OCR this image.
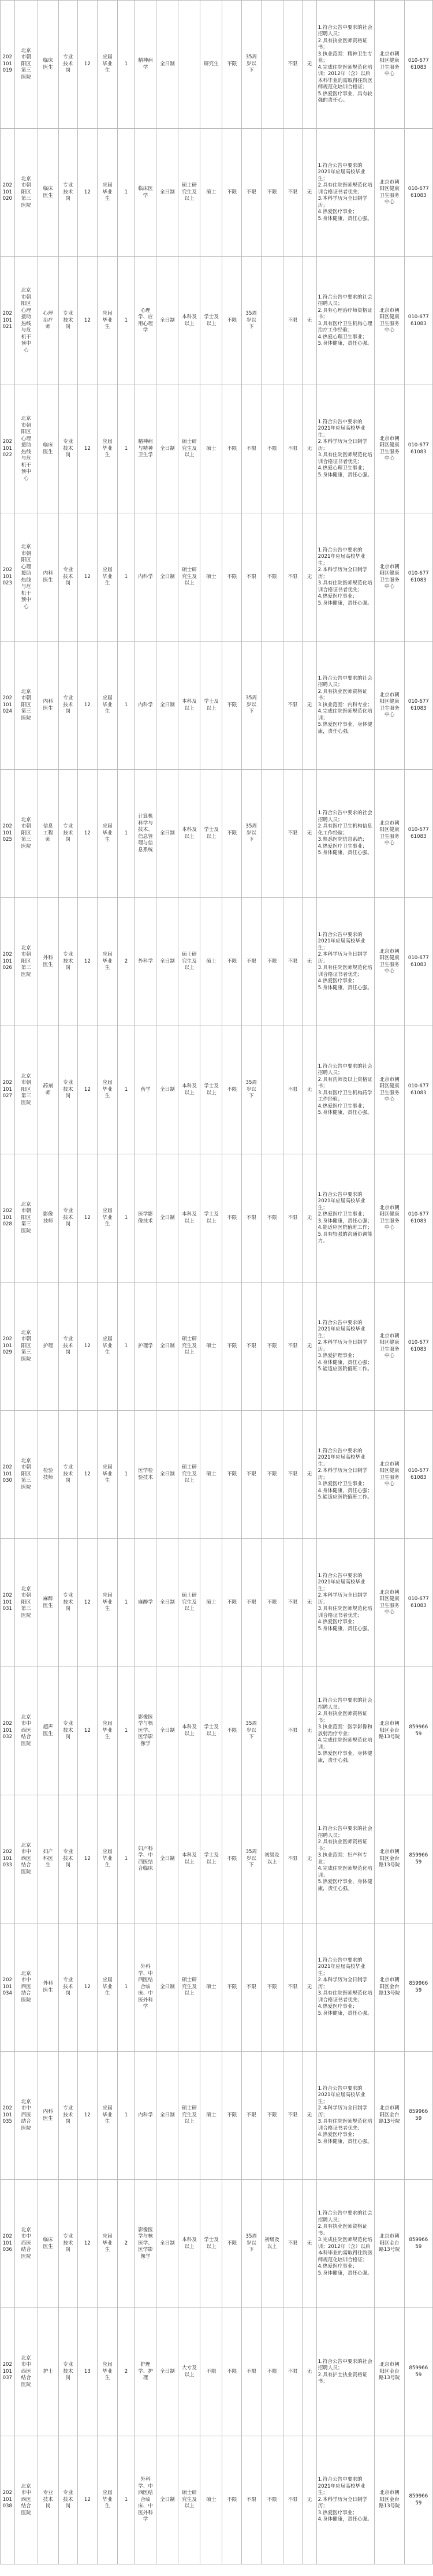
202101019	北京市朝阳区第三医院	临床医生	专业技术岗	12	应届毕业生	1	精神病学	全日制		研究生	不限	35周岁以下		不限	无	1.符合公告中要求的社会招聘人员；
2.具有执业医师资格证书；
3.执业范围：精神卫生专业；
4.完成住院医师规范化培训；2012年（含）以后本科毕业的需取得住院医师规范化培训合格证；
5.热爱医疗事业，具有较强的责任心。	北京市朝阳区健康卫生服务中心	010-67761083

202101020	北京市朝阳区第三医院	临床医生	专业技术岗	12	应届毕业生	1	临床医学	全日制	硕士研究生及以上	硕士	不限	不限	不限	不限	无	1.符合公告中要求的2021年应届高校毕业生；
2.具有住院医师规范化培训合格证书者优先；
3.本科学历为全日制学历；
4.热爱医疗事业；
5.身体健康，责任心强。	北京市朝阳区健康卫生服务中心	010-67761083

202101021	北京市朝阳区心理援助热线与危机干预中心	心理治疗师	专业技术岗	12	应届毕业生	1	心理学、应用心理学	全日制	本科及以上	学士及以上	不限	35周岁以下		不限	无	1.符合公告中要求的社会招聘人员；
2.具有心理治疗师资格证书；
3.具有医疗卫生机构心理治疗工作经验；
4.热爱心理卫生事业；
5.身体健康，责任心强。	北京市朝阳区健康卫生服务中心	010-67761083

202101022	北京市朝阳区心理援助热线与危机干预中心	临床医生	专业技术岗	12	应届毕业生	1	精神病与精神卫生学	全日制	硕士研究生及以上	硕士	不限	不限	不限	不限	无	1.符合公告中要求的2021年应届高校毕业生；
2.本科学历为全日制学历；
3.具有住院医师规范化培训合格证书者优先；
4.热爱心理卫生事业；
5.身体健康，责任心强。	北京市朝阳区健康卫生服务中心	010-67761083

202101023	北京市朝阳区心理援助热线与危机干预中心	内科医生	专业技术岗	12	应届毕业生	1	内科学	全日制	硕士研究生及以上	硕士	不限	不限	不限	不限	无	1.符合公告中要求的2021年应届高校毕业生；
2.本科学历为全日制学历；
3.具有住院医师规范化培训合格证书者优先；
4.热爱医疗事业；
5.身体健康，责任心强。	北京市朝阳区健康卫生服务中心	010-67761083

202101024	北京市朝阳区第三医院	内科医生	专业技术岗	12	应届毕业生	1	内科学	全日制	本科及以上	学士及以上	不限	35周岁以下		不限	无	1.符合公告中要求的社会招聘人员；
2.具有执业医师资格证书；
3.执业范围：内科专业；
4.完成住院医师规范化培训；
5.热爱医疗事业，身体健康，责任心强。	北京市朝阳区健康卫生服务中心	010-67761083

202101025	北京市朝阳区第三医院	信息工程师	专业技术岗	12	应届毕业生	1	计算机科学与技术、信息管理与信息系统	全日制	本科及以上	学士及以上	不限	35周岁以下		不限	无	1.符合公告中要求的社会招聘人员；
2.具有医疗卫生机构信息化工作经验；
3.熟悉医院信息系统；
4.热爱医疗卫生事业；
5.身体健康，责任心强。	北京市朝阳区健康卫生服务中心	010-67761083

202101026	北京市朝阳区第三医院	外科医生	专业技术岗	12	应届毕业生	2	外科学	全日制	硕士研究生及以上	硕士	不限	不限	不限	不限	无	1.符合公告中要求的2021年应届高校毕业生；
2.本科学历为全日制学历；
3.具有住院医师规范化培训合格证书者优先；
4.热爱医疗事业；
5.身体健康，责任心强。	北京市朝阳区健康卫生服务中心	010-67761083

202101027	北京市朝阳区第三医院	药剂师	专业技术岗	12	应届毕业生	1	药学	全日制	本科及以上	学士及以上	不限	35周岁以下		不限	无	1.符合公告中要求的社会招聘人员；
2.具有药师及以上资格证书；
3.具有医疗卫生机构药学工作经验；
4.热爱医疗卫生事业；
5.身体健康，责任心强。	北京市朝阳区健康卫生服务中心	010-67761083

202101028	北京市朝阳区第三医院	影像技师	专业技术岗	12	应届毕业生	1	医学影像技术	全日制	本科及以上	学士及以上	不限	不限	不限	不限	无	1.符合公告中要求的2021年应届高校毕业生；
2.热爱医疗卫生事业；
3.身体健康，责任心强；
4.能适应医院值班工作；
5.具有较强的沟通协调能力。	北京市朝阳区健康卫生服务中心	010-67761083

202101029	北京市朝阳区第三医院	护理	专业技术岗	12	应届毕业生	1	护理学	全日制	硕士研究生及以上	硕士	不限	不限	不限	不限	无	1.符合公告中要求的2021年应届高校毕业生；
2.本科学历为全日制学历；
3.热爱护理事业；
4.身体健康，责任心强；
5.能适应医院值班工作。	北京市朝阳区健康卫生服务中心	010-67761083

202101030	北京市朝阳区第三医院	检验技师	专业技术岗	12	应届毕业生	1	医学检验技术	全日制	硕士研究生及以上	硕士	不限	不限	不限	不限	无	1.符合公告中要求的2021年应届高校毕业生；
2.本科学历为全日制学历；
3.热爱医疗卫生事业；
4.身体健康，责任心强；
5.能适应医院值班工作。	北京市朝阳区健康卫生服务中心	010-67761083

202101031	北京市朝阳区第三医院	麻醉医生	专业技术岗	12	应届毕业生	1	麻醉学	全日制	硕士研究生及以上	硕士	不限	不限	不限	不限	无	1.符合公告中要求的2021年应届高校毕业生；
2.本科学历为全日制学历；
3.具有住院医师规范化培训合格证书者优先；
4.热爱医疗事业；
5.身体健康，责任心强。	北京市朝阳区健康卫生服务中心	010-67761083

202101032	北京市中西医结合医院	超声医生	专业技术岗	12	应届毕业生	1	影像医学与核医学、医学影像学	全日制	本科及以上	学士及以上	不限	35周岁以下		不限	无	1.符合公告中要求的社会招聘人员；
2.具有执业医师资格证书；
3.执业范围：医学影像和放射治疗专业；
4.完成住院医师规范化培训；
5.热爱医疗事业，身体健康，责任心强。	北京市朝阳区金台路13号院	85996659

202101033	北京市中西医结合医院	妇产科医生	专业技术岗	12	应届毕业生	1	妇产科学、中西医结合临床	全日制	本科及以上	学士及以上	不限	35周岁以下	初级及以上	不限	无	1.符合公告中要求的社会招聘人员；
2.具有执业医师资格证书；
3.执业范围：妇产科专业；
4.完成住院医师规范化培训；
5.热爱医疗事业，身体健康，责任心强。	北京市朝阳区金台路13号院	85996659

202101034	北京市中西医结合医院	外科医生	专业技术岗	12	应届毕业生	1	外科学、中西医结合临床、中医外科学	全日制	硕士研究生及以上	硕士	不限	不限	不限	不限	无	1.符合公告中要求的2021年应届高校毕业生；
2.本科学历为全日制学历；
3.具有住院医师规范化培训合格证书者优先；
4.热爱医疗事业；
5.身体健康，责任心强。	北京市朝阳区金台路13号院	85996659

202101035	北京市中西医结合医院	内科医生	专业技术岗	12	应届毕业生	1	内科学	全日制	硕士研究生及以上	硕士	不限	不限	不限	不限	无	1.符合公告中要求的2021年应届高校毕业生；
2.本科学历为全日制学历；
3.具有住院医师规范化培训合格证书者优先；
4.热爱医疗事业；
5.身体健康，责任心强。	北京市朝阳区金台路13号院	85996659

202101036	北京市中西医结合医院	临床医生	专业技术岗	12	应届毕业生	2	影像医学与核医学、医学影像学	全日制	本科及以上	学士及以上	不限	35周岁以下	初级及以上	不限	无	1.符合公告中要求的社会招聘人员；
2.具有执业医师资格证书；
3.完成住院医师规范化培训；2012年（含）以后本科毕业的需取得住院医师规范化培训合格证；
4.热爱医疗事业；
5.身体健康，责任心强。	北京市朝阳区金台路13号院	85996659

202101037	北京市中西医结合医院	护士	专业技术岗	13	应届毕业生	2	护理学、护理	全日制	大专及以上	不限	不限	不限	不限	不限	无	1.符合公告中要求的社会招聘人员；
2.具有护士执业资格证书；	北京市朝阳区金台路13号院	85996659

202101038	北京市中西医结合医院	专业技术岗	专业技术岗	12	应届毕业生	1	外科学、中西医结合临床、中医外科学	全日制	硕士研究生及以上	硕士	不限	不限	不限	不限	无	1.符合公告中要求的2021年应届高校毕业生；
2.本科学历为全日制学历；
3.热爱医疗事业；
4.身体健康，责任心强。	北京市朝阳区金台路13号院	85996659
